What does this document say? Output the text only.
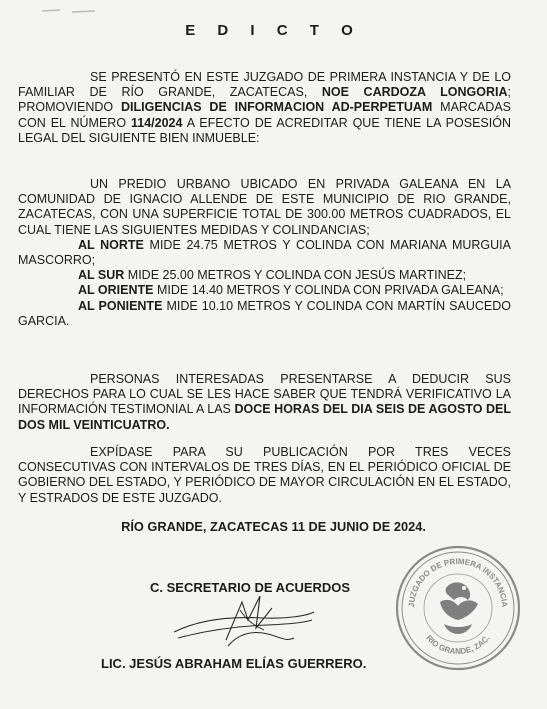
E D I C T O
SE PRESENTÓ EN ESTE JUZGADO DE PRIMERA INSTANCIA Y DE LO FAMILIAR DE RÍO GRANDE, ZACATECAS, NOE CARDOZA LONGORIA; PROMOVIENDO DILIGENCIAS DE INFORMACION AD-PERPETUAM MARCADAS CON EL NÚMERO 114/2024 A EFECTO DE ACREDITAR QUE TIENE LA POSESIÓN LEGAL DEL SIGUIENTE BIEN INMUEBLE:
UN PREDIO URBANO UBICADO EN PRIVADA GALEANA EN LA COMUNIDAD DE IGNACIO ALLENDE DE ESTE MUNICIPIO DE RIO GRANDE, ZACATECAS, CON UNA SUPERFICIE TOTAL DE 300.00 METROS CUADRADOS, EL CUAL TIENE LAS SIGUIENTES MEDIDAS Y COLINDANCIAS;
AL NORTE MIDE 24.75 METROS Y COLINDA CON MARIANA MURGUIA MASCORRO;
AL SUR MIDE 25.00 METROS Y COLINDA CON JESÚS MARTINEZ;
AL ORIENTE MIDE 14.40 METROS Y COLINDA CON PRIVADA GALEANA;
AL PONIENTE MIDE 10.10 METROS Y COLINDA CON MARTÍN SAUCEDO GARCIA.
PERSONAS INTERESADAS PRESENTARSE A DEDUCIR SUS DERECHOS PARA LO CUAL SE LES HACE SABER QUE TENDRÁ VERIFICATIVO LA INFORMACIÓN TESTIMONIAL A LAS DOCE HORAS DEL DIA SEIS DE AGOSTO DEL DOS MIL VEINTICUATRO.
EXPÍDASE PARA SU PUBLICACIÓN POR TRES VECES CONSECUTIVAS CON INTERVALOS DE TRES DÍAS, EN EL PERIÓDICO OFICIAL DE GOBIERNO DEL ESTADO, Y PERIÓDICO DE MAYOR CIRCULACIÓN EN EL ESTADO, Y ESTRADOS DE ESTE JUZGADO.
RÍO GRANDE, ZACATECAS 11 DE JUNIO DE 2024.
C. SECRETARIO DE ACUERDOS
JUZGADO DE PRIMERA INSTANCIA
RIO GRANDE, ZAC.
LIC. JESÚS ABRAHAM ELÍAS GUERRERO.
